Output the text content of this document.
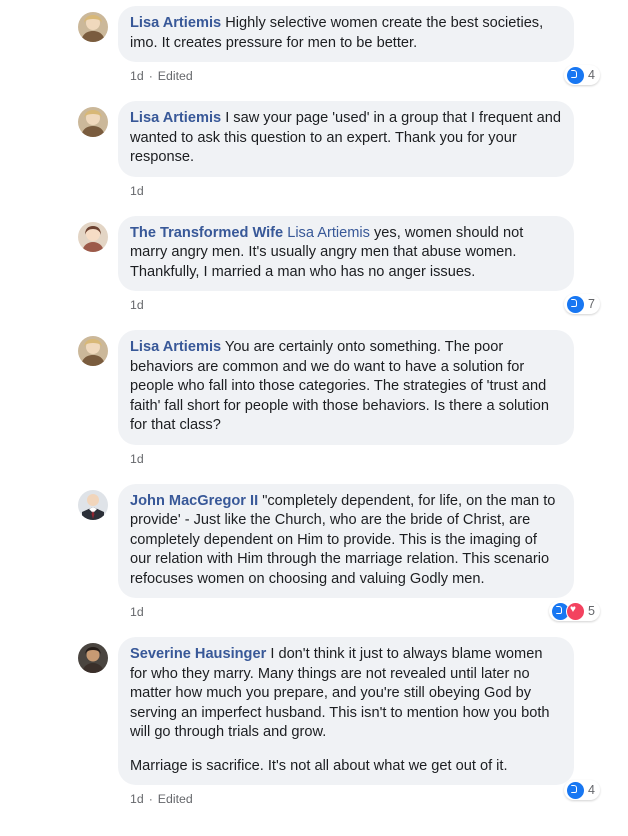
Lisa Artiemis Highly selective women create the best societies, imo. It creates pressure for men to be better.

1d · Edited	4

Lisa Artiemis I saw your page 'used' in a group that I frequent and wanted to ask this question to an expert. Thank you for your response.

1d

The Transformed Wife Lisa Artiemis yes, women should not marry angry men. It's usually angry men that abuse women. Thankfully, I married a man who has no anger issues.

1d	7

Lisa Artiemis You are certainly onto something. The poor behaviors are common and we do want to have a solution for people who fall into those categories. The strategies of 'trust and faith' fall short for people with those behaviors. Is there a solution for that class?

1d

John MacGregor II "completely dependent, for life, on the man to provide' - Just like the Church, who are the bride of Christ, are completely dependent on Him to provide. This is the imaging of our relation with Him through the marriage relation. This scenario refocuses women on choosing and valuing Godly men.

1d ♥	5

Severine Hausinger I don't think it just to always blame women for who they marry. Many things are not revealed until later no matter how much you prepare, and you're still obeying God by serving an imperfect husband. This isn't to mention how you both will go through trials and grow.

Marriage is sacrifice. It's not all about what we get out of it.

1d · Edited
4
